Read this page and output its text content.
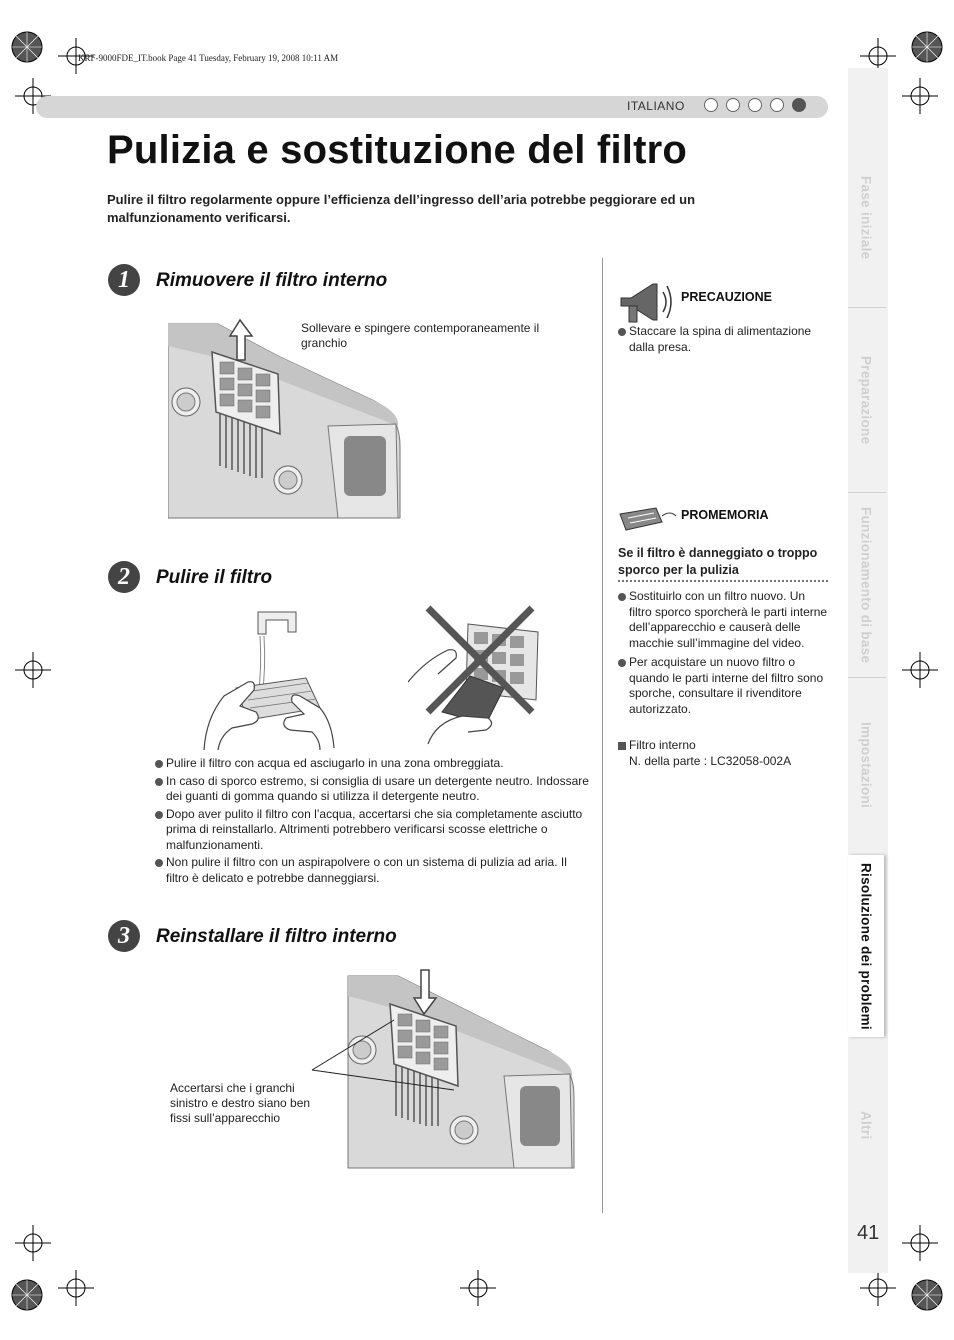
KRF-9000FDE_IT.book Page 41 Tuesday, February 19, 2008 10:11 AM
ITALIANO
Pulizia e sostituzione del filtro
Pulire il filtro regolarmente oppure l’efficienza dell’ingresso dell’aria potrebbe peggiorare ed un malfunzionamento verificarsi.
1	Rimuovere il filtro interno
Sollevare e spingere contemporaneamente il granchio
2	Pulire il filtro
Pulire il filtro con acqua ed asciugarlo in una zona ombreggiata.
In caso di sporco estremo, si consiglia di usare un detergente neutro. Indossare dei guanti di gomma quando si utilizza il detergente neutro.
Dopo aver pulito il filtro con l’acqua, accertarsi che sia completamente asciutto prima di reinstallarlo. Altrimenti potrebbero verificarsi scosse elettriche o malfunzionamenti.
Non pulire il filtro con un aspirapolvere o con un sistema di pulizia ad aria. Il filtro è delicato e potrebbe danneggiarsi.
3	Reinstallare il filtro interno
Accertarsi che i granchi sinistro e destro siano ben fissi sull’apparecchio
PRECAUZIONE
Staccare la spina di alimentazione dalla presa.
PROMEMORIA
Se il filtro è danneggiato o troppo sporco per la pulizia
Sostituirlo con un filtro nuovo. Un filtro sporco sporcherà le parti interne dell’apparecchio e causerà delle macchie sull’immagine del video.
Per acquistare un nuovo filtro o quando le parti interne del filtro sono sporche, consultare il rivenditore autorizzato.
Filtro interno
N. della parte : LC32058-002A
Fase iniziale
Preparazione
Funzionamento di base
Impostazioni
Risoluzione dei problemi
Altri
41
